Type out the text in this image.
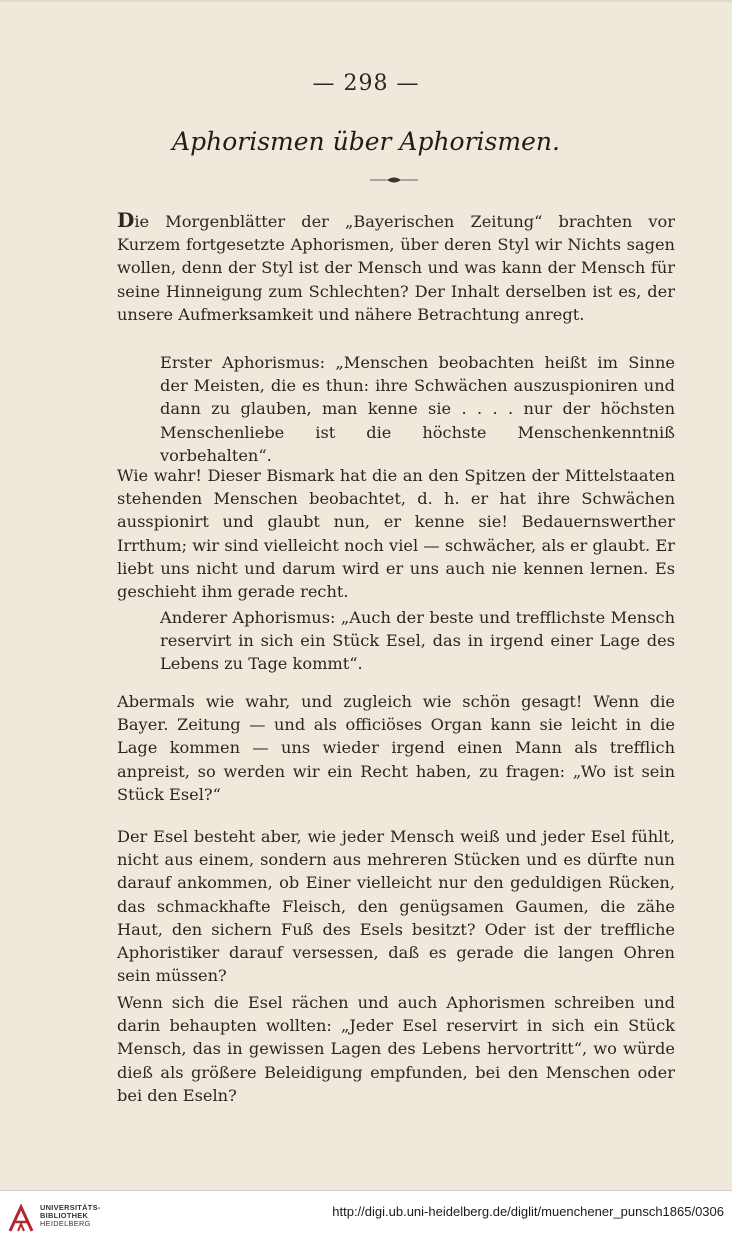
— 298 —
Aphorismen über Aphorismen.
Die Morgenblätter der „Bayerischen Zeitung“ brachten vor Kurzem fortgesetzte Aphorismen, über deren Styl wir Nichts sagen wollen, denn der Styl ist der Mensch und was kann der Mensch für seine Hinneigung zum Schlechten? Der Inhalt derselben ist es, der unsere Aufmerksamkeit und nähere Betrachtung anregt.
Erster Aphorismus: „Menschen beobachten heißt im Sinne der Meisten, die es thun: ihre Schwächen auszuspioniren und dann zu glauben, man kenne sie . . . . nur der höchsten Menschenliebe ist die höchste Menschenkenntniß vorbehalten“.
Wie wahr! Dieser Bismark hat die an den Spitzen der Mittelstaaten stehenden Menschen beobachtet, d. h. er hat ihre Schwächen ausspionirt und glaubt nun, er kenne sie! Bedauernswerther Irrthum; wir sind vielleicht noch viel — schwächer, als er glaubt. Er liebt uns nicht und darum wird er uns auch nie kennen lernen. Es geschieht ihm gerade recht.
Anderer Aphorismus: „Auch der beste und trefflichste Mensch reservirt in sich ein Stück Esel, das in irgend einer Lage des Lebens zu Tage kommt“.
Abermals wie wahr, und zugleich wie schön gesagt! Wenn die Bayer. Zeitung — und als officiöses Organ kann sie leicht in die Lage kommen — uns wieder irgend einen Mann als trefflich anpreist, so werden wir ein Recht haben, zu fragen: „Wo ist sein Stück Esel?“
Der Esel besteht aber, wie jeder Mensch weiß und jeder Esel fühlt, nicht aus einem, sondern aus mehreren Stücken und es dürfte nun darauf ankommen, ob Einer vielleicht nur den geduldigen Rücken, das schmackhafte Fleisch, den genügsamen Gaumen, die zähe Haut, den sichern Fuß des Esels besitzt? Oder ist der treffliche Aphoristiker darauf versessen, daß es gerade die langen Ohren sein müssen?
Wenn sich die Esel rächen und auch Aphorismen schreiben und darin behaupten wollten: „Jeder Esel reservirt in sich ein Stück Mensch, das in gewissen Lagen des Lebens hervortritt“, wo würde dieß als größere Beleidigung empfunden, bei den Menschen oder bei den Eseln?
UNIVERSITÄTS-
BIBLIOTHEK
HEIDELBERG
http://digi.ub.uni-heidelberg.de/diglit/muenchener_punsch1865/0306
